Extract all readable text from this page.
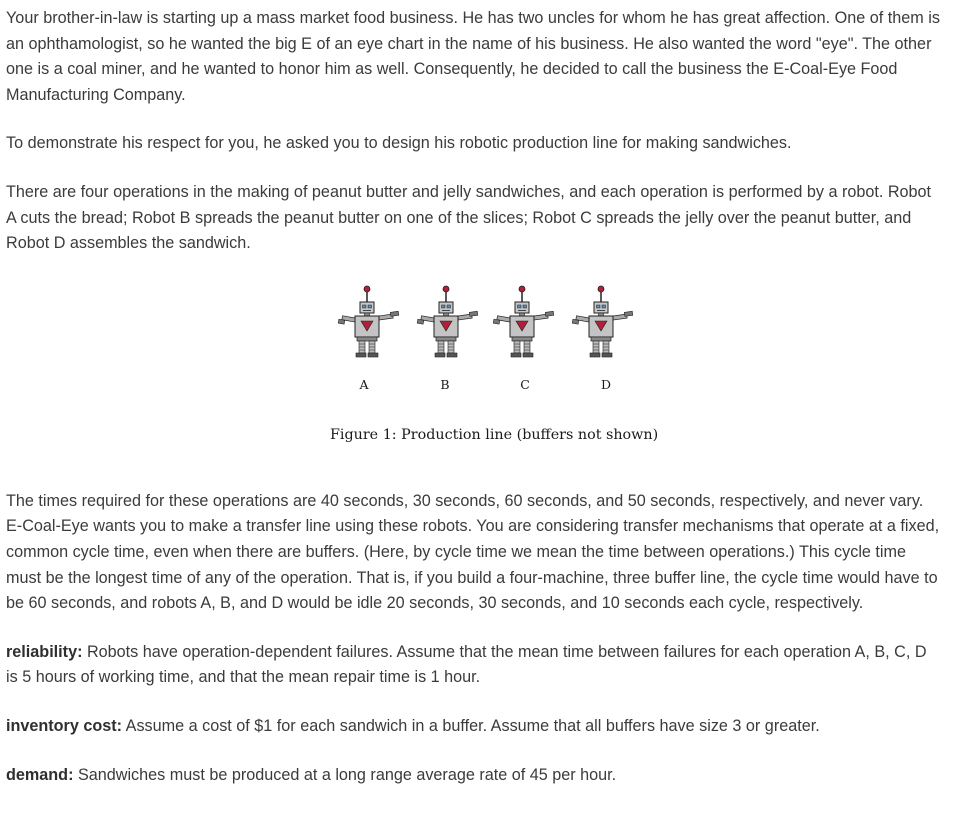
Your brother-in-law is starting up a mass market food business. He has two uncles for whom he has great affection. One of them is an ophthamologist, so he wanted the big E of an eye chart in the name of his business. He also wanted the word "eye". The other one is a coal miner, and he wanted to honor him as well. Consequently, he decided to call the business the E-Coal-Eye Food Manufacturing Company.

To demonstrate his respect for you, he asked you to design his robotic production line for making sandwiches.

There are four operations in the making of peanut butter and jelly sandwiches, and each operation is performed by a robot. Robot A cuts the bread; Robot B spreads the peanut butter on one of the slices; Robot C spreads the jelly over the peanut butter, and Robot D assembles the sandwich.

A	B	C	D
Figure 1: Production line (buffers not shown)

The times required for these operations are 40 seconds, 30 seconds, 60 seconds, and 50 seconds, respectively, and never vary. E-Coal-Eye wants you to make a transfer line using these robots. You are considering transfer mechanisms that operate at a fixed, common cycle time, even when there are buffers. (Here, by cycle time we mean the time between operations.) This cycle time must be the longest time of any of the operation. That is, if you build a four-machine, three buffer line, the cycle time would have to be 60 seconds, and robots A, B, and D would be idle 20 seconds, 30 seconds, and 10 seconds each cycle, respectively.

reliability: Robots have operation-dependent failures. Assume that the mean time between failures for each operation A, B, C, D is 5 hours of working time, and that the mean repair time is 1 hour.

inventory cost: Assume a cost of $1 for each sandwich in a buffer. Assume that all buffers have size 3 or greater.

demand: Sandwiches must be produced at a long range average rate of 45 per hour.
